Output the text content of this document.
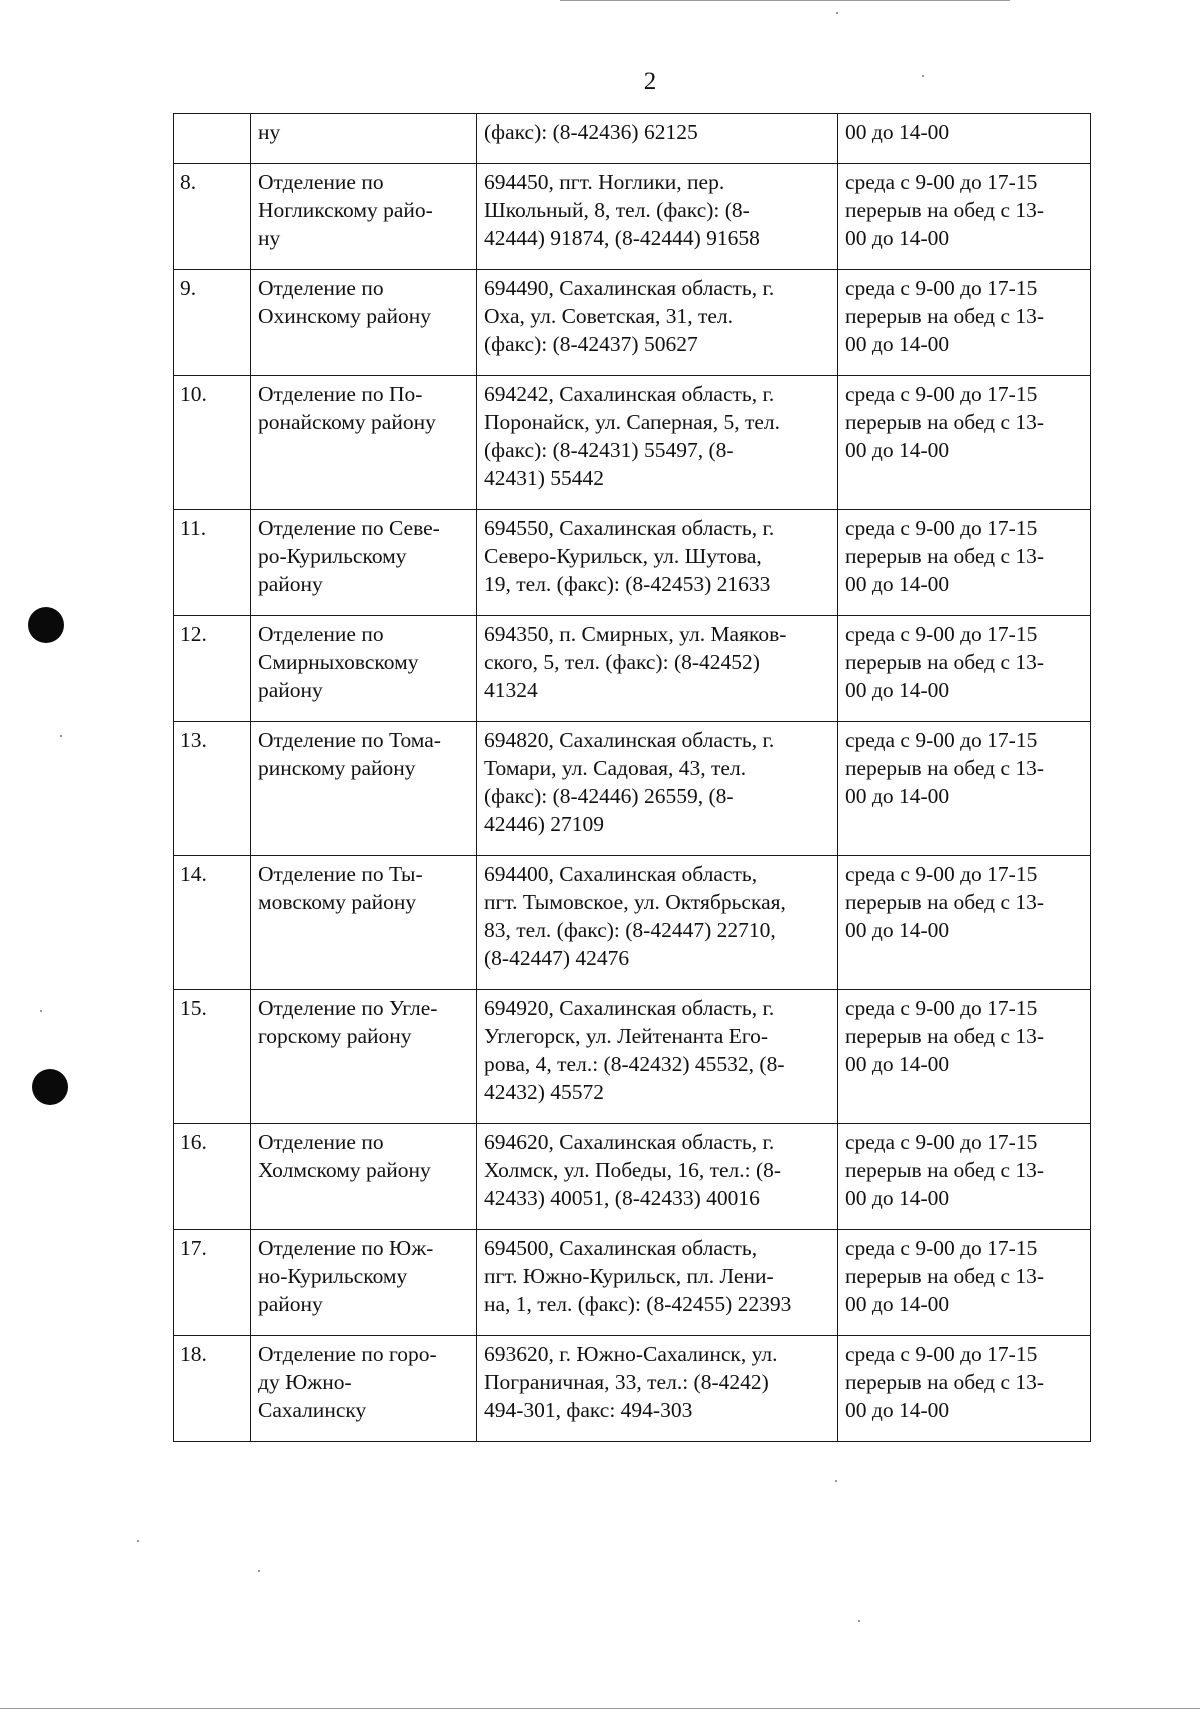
2

	ну	(факс): (8-42436) 62125	00 до 14-00

8.	Отделение по
Ногликскому райо-
ну	694450, пгт. Ноглики, пер.
Школьный, 8, тел. (факс): (8-
42444) 91874, (8-42444) 91658	среда с 9-00 до 17-15
перерыв на обед с 13-
00 до 14-00

9.	Отделение по
Охинскому району	694490, Сахалинская область, г.
Оха, ул. Советская, 31, тел.
(факс): (8-42437) 50627	среда с 9-00 до 17-15
перерыв на обед с 13-
00 до 14-00

10.	Отделение по По-
ронайскому району	694242, Сахалинская область, г.
Поронайск, ул. Саперная, 5, тел.
(факс): (8-42431) 55497, (8-
42431) 55442	среда с 9-00 до 17-15
перерыв на обед с 13-
00 до 14-00

11.	Отделение по Севе-
ро-Курильскому
району	694550, Сахалинская область, г.
Северо-Курильск, ул. Шутова,
19, тел. (факс): (8-42453) 21633	среда с 9-00 до 17-15
перерыв на обед с 13-
00 до 14-00

12.	Отделение по
Смирныховскому
району	694350, п. Смирных, ул. Маяков-
ского, 5, тел. (факс): (8-42452)
41324	среда с 9-00 до 17-15
перерыв на обед с 13-
00 до 14-00

13.	Отделение по Тома-
ринскому району	694820, Сахалинская область, г.
Томари, ул. Садовая, 43, тел.
(факс): (8-42446) 26559, (8-
42446) 27109	среда с 9-00 до 17-15
перерыв на обед с 13-
00 до 14-00

14.	Отделение по Ты-
мовскому району	694400, Сахалинская область,
пгт. Тымовское, ул. Октябрьская,
83, тел. (факс): (8-42447) 22710,
(8-42447) 42476	среда с 9-00 до 17-15
перерыв на обед с 13-
00 до 14-00

15.	Отделение по Угле-
горскому району	694920, Сахалинская область, г.
Углегорск, ул. Лейтенанта Его-
рова, 4, тел.: (8-42432) 45532, (8-
42432) 45572	среда с 9-00 до 17-15
перерыв на обед с 13-
00 до 14-00

16.	Отделение по
Холмскому району	694620, Сахалинская область, г.
Холмск, ул. Победы, 16, тел.: (8-
42433) 40051, (8-42433) 40016	среда с 9-00 до 17-15
перерыв на обед с 13-
00 до 14-00

17.	Отделение по Юж-
но-Курильскому
району	694500, Сахалинская область,
пгт. Южно-Курильск, пл. Лени-
на, 1, тел. (факс): (8-42455) 22393	среда с 9-00 до 17-15
перерыв на обед с 13-
00 до 14-00

18.	Отделение по горо-
ду Южно-
Сахалинску	693620, г. Южно-Сахалинск, ул.
Пограничная, 33, тел.: (8-4242)
494-301, факс: 494-303	среда с 9-00 до 17-15
перерыв на обед с 13-
00 до 14-00
